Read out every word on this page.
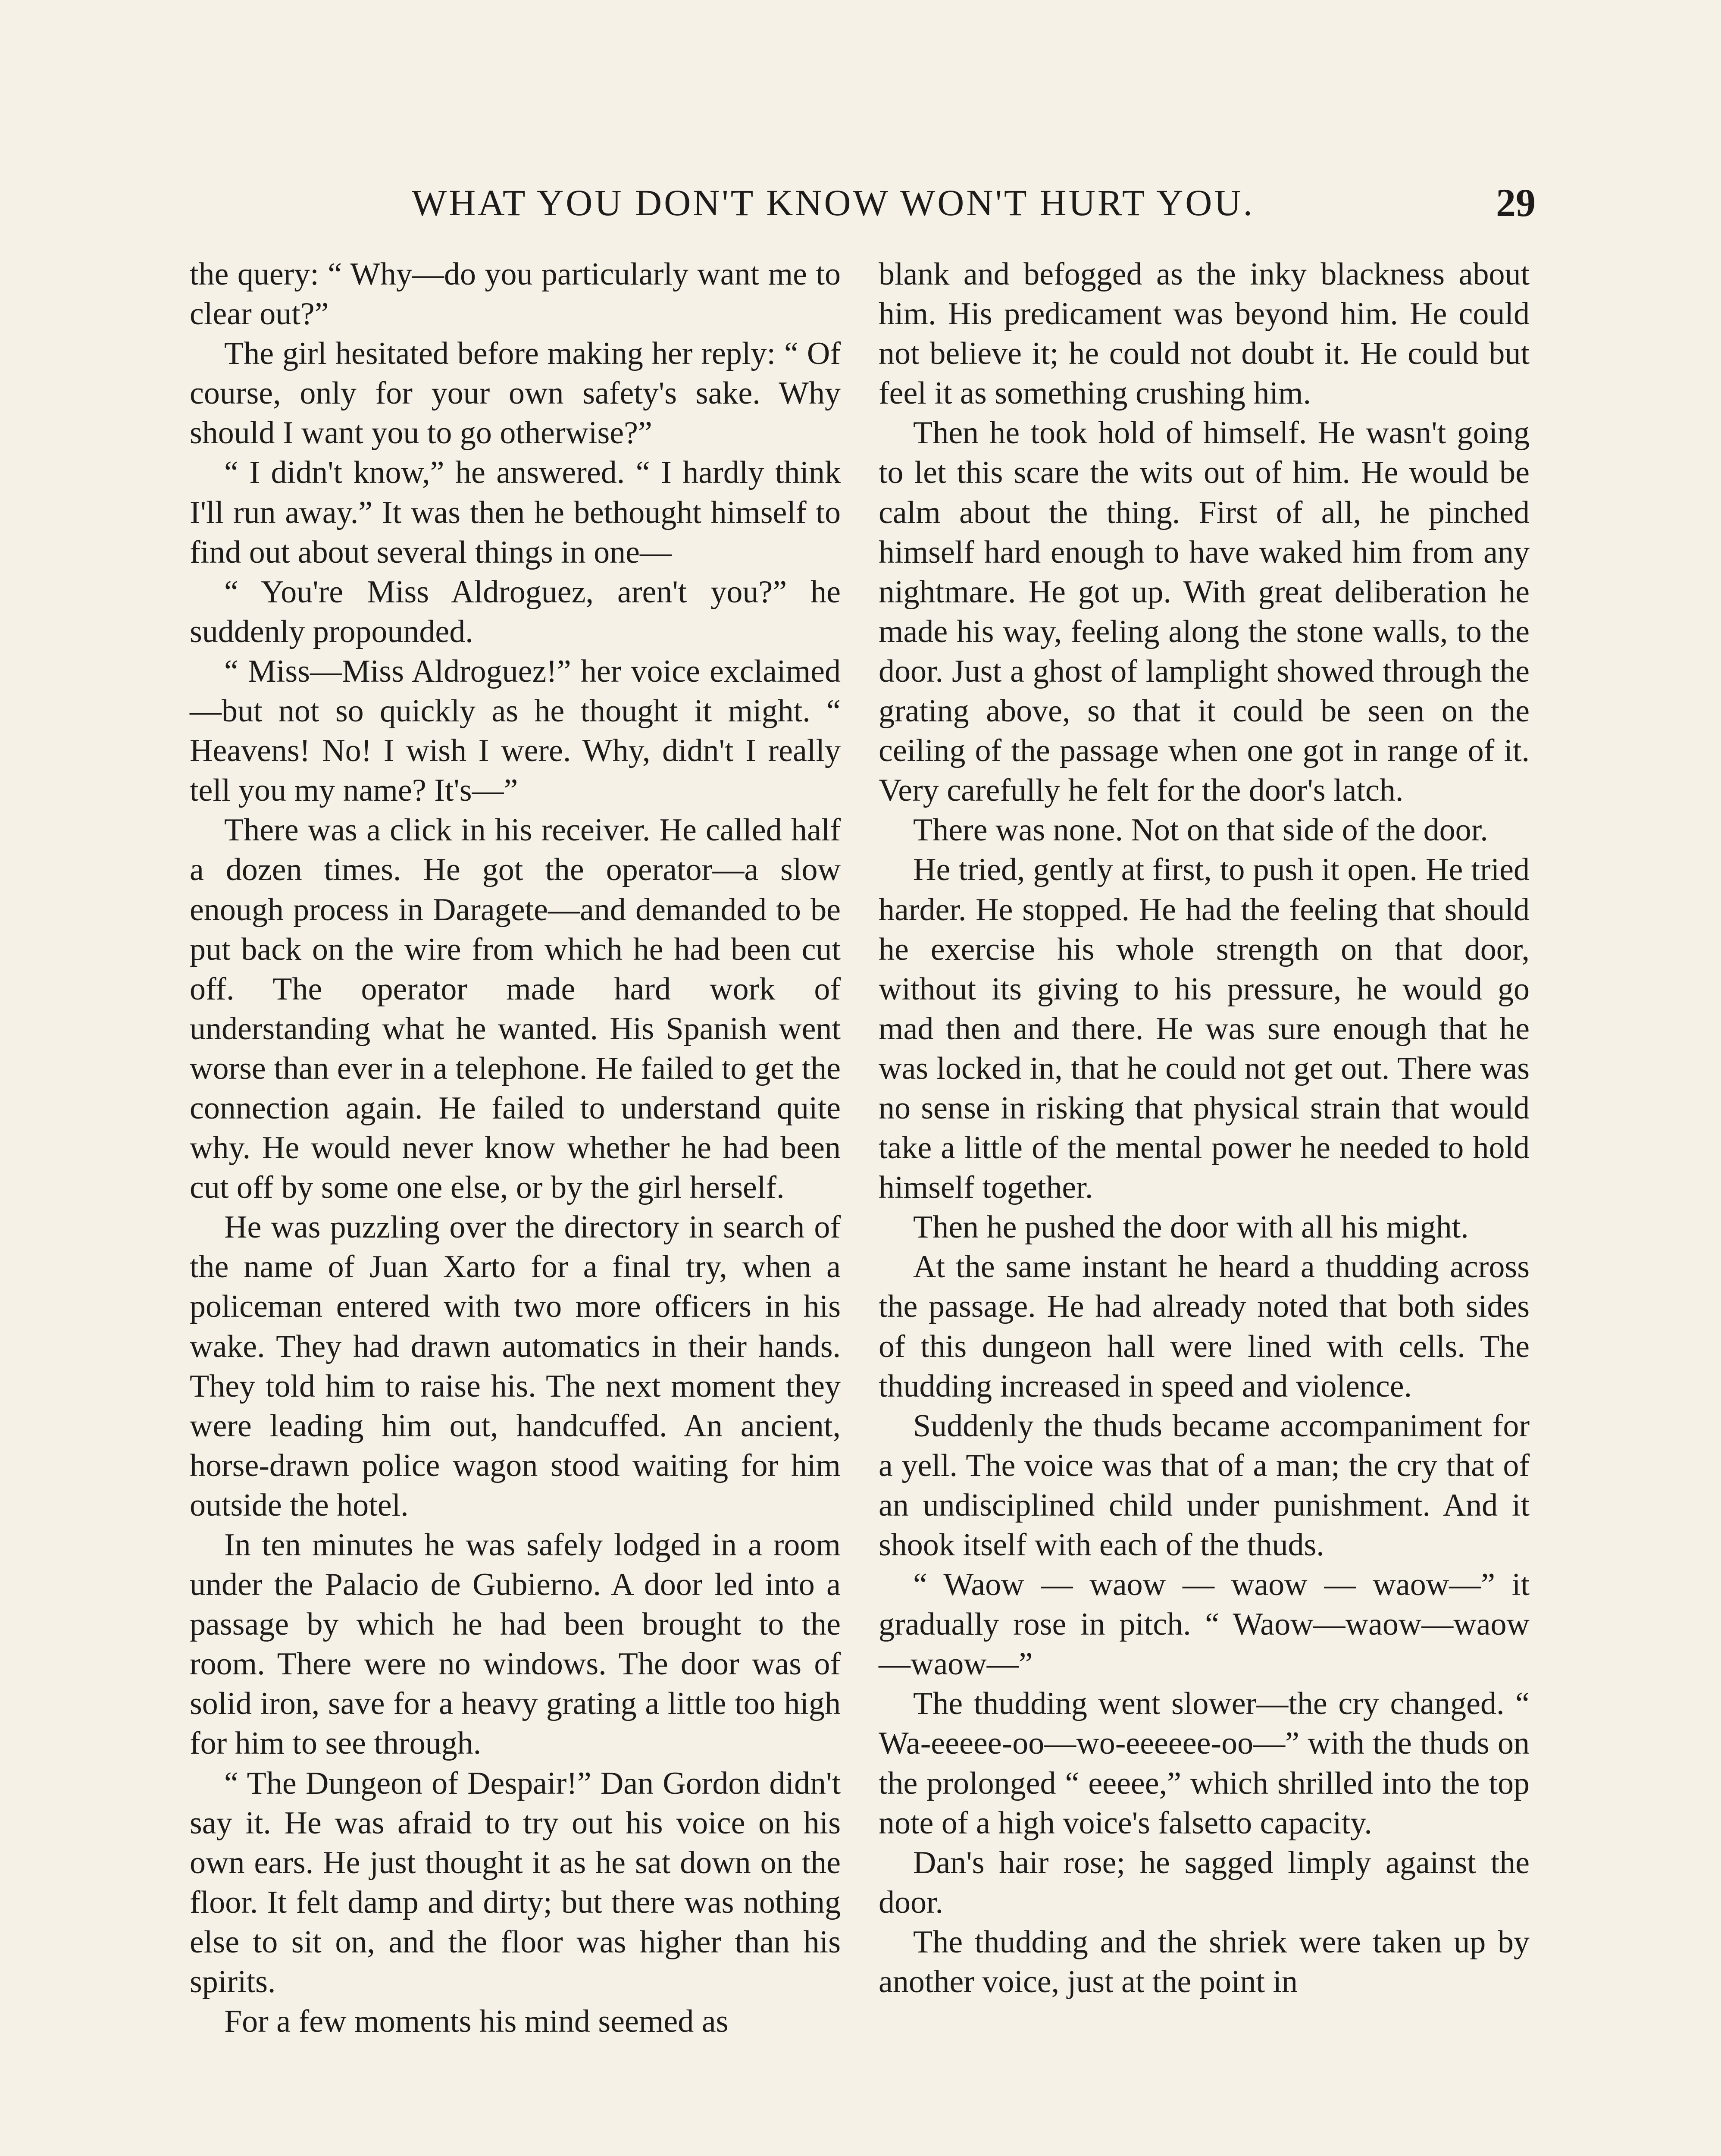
WHAT YOU DON'T KNOW WON'T HURT YOU.	29

the query: “ Why—do you particularly want me to clear out?”

The girl hesitated before making her reply: “ Of course, only for your own safety's sake. Why should I want you to go otherwise?”

“ I didn't know,” he answered. “ I hardly think I'll run away.” It was then he bethought himself to find out about several things in one—

“ You're Miss Aldroguez, aren't you?” he suddenly propounded.

“ Miss—Miss Aldroguez!” her voice exclaimed—but not so quickly as he thought it might. “ Heavens! No! I wish I were. Why, didn't I really tell you my name? It's—”

There was a click in his receiver. He called half a dozen times. He got the operator—a slow enough process in Daragete—and demanded to be put back on the wire from which he had been cut off. The operator made hard work of understanding what he wanted. His Spanish went worse than ever in a telephone. He failed to get the connection again. He failed to understand quite why. He would never know whether he had been cut off by some one else, or by the girl herself.

He was puzzling over the directory in search of the name of Juan Xarto for a final try, when a policeman entered with two more officers in his wake. They had drawn automatics in their hands. They told him to raise his. The next moment they were leading him out, handcuffed. An ancient, horse-drawn police wagon stood waiting for him outside the hotel.

In ten minutes he was safely lodged in a room under the Palacio de Gubierno. A door led into a passage by which he had been brought to the room. There were no windows. The door was of solid iron, save for a heavy grating a little too high for him to see through.

“ The Dungeon of Despair!” Dan Gordon didn't say it. He was afraid to try out his voice on his own ears. He just thought it as he sat down on the floor. It felt damp and dirty; but there was nothing else to sit on, and the floor was higher than his spirits.

For a few moments his mind seemed as

blank and befogged as the inky blackness about him. His predicament was beyond him. He could not believe it; he could not doubt it. He could but feel it as something crushing him.

Then he took hold of himself. He wasn't going to let this scare the wits out of him. He would be calm about the thing. First of all, he pinched himself hard enough to have waked him from any nightmare. He got up. With great deliberation he made his way, feeling along the stone walls, to the door. Just a ghost of lamplight showed through the grating above, so that it could be seen on the ceiling of the passage when one got in range of it. Very carefully he felt for the door's latch.

There was none. Not on that side of the door.

He tried, gently at first, to push it open. He tried harder. He stopped. He had the feeling that should he exercise his whole strength on that door, without its giving to his pressure, he would go mad then and there. He was sure enough that he was locked in, that he could not get out. There was no sense in risking that physical strain that would take a little of the mental power he needed to hold himself together.

Then he pushed the door with all his might.

At the same instant he heard a thudding across the passage. He had already noted that both sides of this dungeon hall were lined with cells. The thudding increased in speed and violence.

Suddenly the thuds became accompaniment for a yell. The voice was that of a man; the cry that of an undisciplined child under punishment. And it shook itself with each of the thuds.

“ Waow — waow — waow — waow—” it gradually rose in pitch. “ Waow—waow—waow—waow—”

The thudding went slower—the cry changed. “ Wa-eeeee-oo—wo-eeeeee-oo—” with the thuds on the prolonged “ eeeee,” which shrilled into the top note of a high voice's falsetto capacity.

Dan's hair rose; he sagged limply against the door.

The thudding and the shriek were taken up by another voice, just at the point in
